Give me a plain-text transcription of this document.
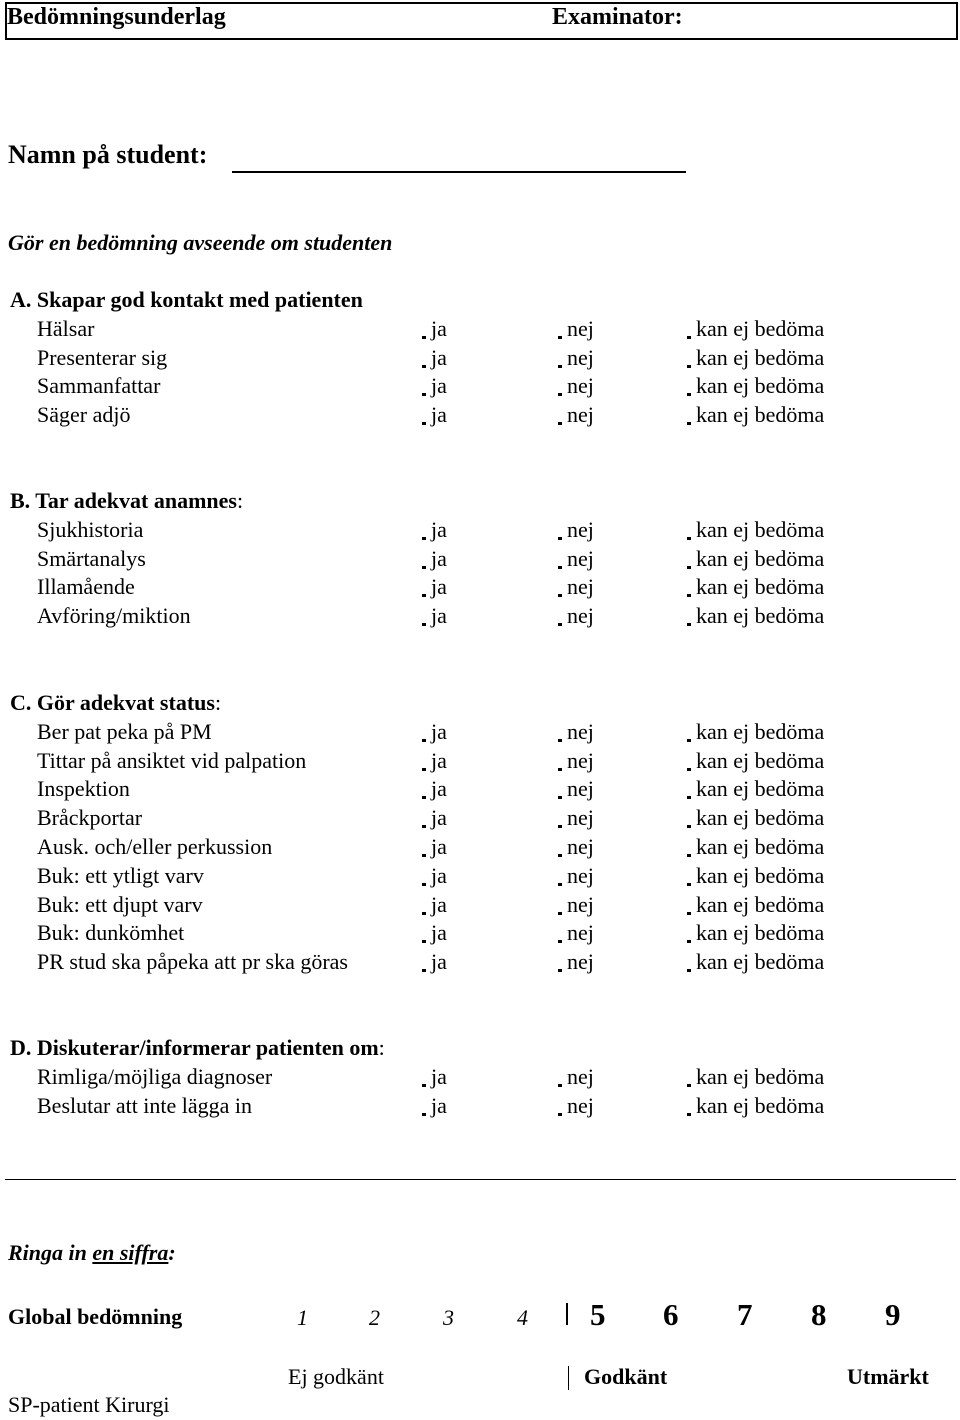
Bedömningsunderlag	Examinator:
Namn på student:
Gör en bedömning avseende om studenten
A. Skapar god kontakt med patienten
Hälsar	ja	nej	kan ej bedöma
Presenterar sig	ja	nej	kan ej bedöma
Sammanfattar	ja	nej	kan ej bedöma
Säger adjö	ja	nej	kan ej bedöma
B. Tar adekvat anamnes:
Sjukhistoria	ja	nej	kan ej bedöma
Smärtanalys	ja	nej	kan ej bedöma
Illamående	ja	nej	kan ej bedöma
Avföring/miktion	ja	nej	kan ej bedöma
C. Gör adekvat status:
Ber pat peka på PM	ja	nej	kan ej bedöma
Tittar på ansiktet vid palpation	ja	nej	kan ej bedöma
Inspektion	ja	nej	kan ej bedöma
Bråckportar	ja	nej	kan ej bedöma
Ausk. och/eller perkussion	ja	nej	kan ej bedöma
Buk: ett ytligt varv	ja	nej	kan ej bedöma
Buk: ett djupt varv	ja	nej	kan ej bedöma
Buk: dunkömhet	ja	nej	kan ej bedöma
PR stud ska påpeka att pr ska göras	ja	nej	kan ej bedöma
D. Diskuterar/informerar patienten om:
Rimliga/möjliga diagnoser	ja	nej	kan ej bedöma
Beslutar att inte lägga in	ja	nej	kan ej bedöma
Ringa in en siffra:
Global bedömning	1	2	3	4 5 6 7 8 9
Ej godkänt	Godkänt	Utmärkt
SP-patient Kirurgi
